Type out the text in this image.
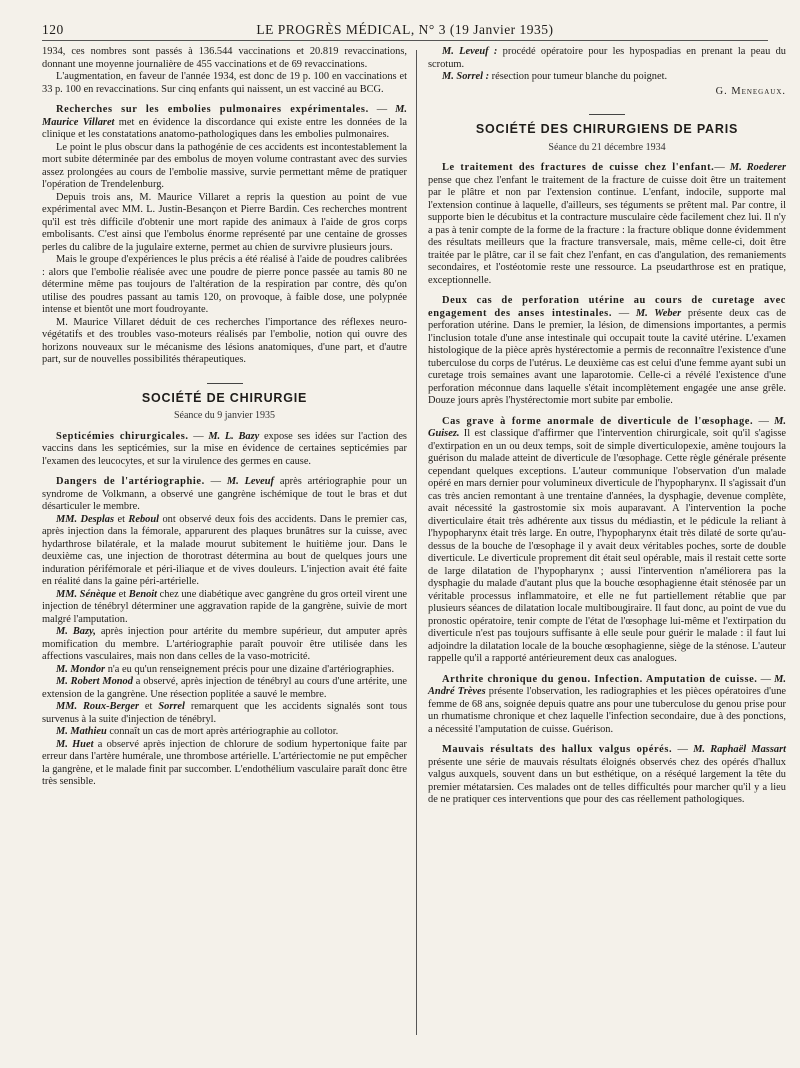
120	LE PROGRÈS MÉDICAL, N° 3 (19 Janvier 1935)

1934, ces nombres sont passés à 136.544 vaccinations et 20.819 revaccinations, donnant une moyenne journalière de 455 vaccinations et de 69 revaccinations.

L'augmentation, en faveur de l'année 1934, est donc de 19 p. 100 en vaccinations et 33 p. 100 en revaccinations. Sur cinq enfants qui naissent, un est vacciné au BCG.

Recherches sur les embolies pulmonaires expérimentales. — M. Maurice Villaret met en évidence la discordance qui existe entre les données de la clinique et les constatations anatomo-pathologiques dans les embolies pulmonaires.

Le point le plus obscur dans la pathogénie de ces accidents est incontestablement la mort subite déterminée par des embolus de moyen volume contrastant avec des survies assez prolongées au cours de l'embolie massive, survie permettant même de pratiquer l'opération de Trendelenburg.

Depuis trois ans, M. Maurice Villaret a repris la question au point de vue expérimental avec MM. L. Justin-Besançon et Pierre Bardin. Ces recherches montrent qu'il est très difficile d'obtenir une mort rapide des animaux à l'aide de gros corps embolisants. C'est ainsi que l'embolus énorme représenté par une centaine de grosses perles du calibre de la jugulaire externe, permet au chien de survivre plusieurs jours.

Mais le groupe d'expériences le plus précis a été réalisé à l'aide de poudres calibrées : alors que l'embolie réalisée avec une poudre de pierre ponce passée au tamis 80 ne détermine même pas toujours de l'altération de la respiration par contre, dès qu'on utilise des poudres passant au tamis 120, on provoque, à faible dose, une polypnée intense et bientôt une mort foudroyante.

M. Maurice Villaret déduit de ces recherches l'importance des réflexes neuro-végétatifs et des troubles vaso-moteurs réalisés par l'embolie, notion qui ouvre des horizons nouveaux sur le mécanisme des lésions anatomiques, d'une part, et d'autre part, sur de nouvelles possibilités thérapeutiques.

SOCIÉTÉ DE CHIRURGIE
Séance du 9 janvier 1935

Septicémies chirurgicales. — M. L. Bazy expose ses idées sur l'action des vaccins dans les septicémies, sur la mise en évidence de certaines septicémies par l'examen des leucocytes, et sur la virulence des germes en cause.

Dangers de l'artériographie. — M. Leveuf après artériographie pour un syndrome de Volkmann, a observé une gangrène ischémique de tout le bras et dut désarticuler le membre.

MM. Desplas et Reboul ont observé deux fois des accidents. Dans le premier cas, après injection dans la fémorale, apparurent des plaques brunâtres sur la cuisse, avec hydarthrose bilatérale, et la malade mourut subitement le huitième jour. Dans le deuxième cas, une injection de thorotrast détermina au bout de quelques jours une induration périfémorale et péri-iliaque et de vives douleurs. L'injection avait été faite en réalité dans la gaine péri-artérielle.

MM. Sénèque et Benoit chez une diabétique avec gangrène du gros orteil virent une injection de ténébryl déterminer une aggravation rapide de la gangrène, suivie de mort malgré l'amputation.

M. Bazy, après injection pour artérite du membre supérieur, dut amputer après momification du membre. L'artériographie paraît pouvoir être utilisée dans les affections vasculaires, mais non dans celles de la vaso-motricité.

M. Mondor n'a eu qu'un renseignement précis pour une dizaine d'artériographies.

M. Robert Monod a observé, après injection de ténébryl au cours d'une artérite, une extension de la gangrène. Une résection poplitée a sauvé le membre.

MM. Roux-Berger et Sorrel remarquent que les accidents signalés sont tous survenus à la suite d'injection de ténébryl.

M. Mathieu connaît un cas de mort après artériographie au collotor.

M. Huet a observé après injection de chlorure de sodium hypertonique faite par erreur dans l'artère humérale, une thrombose artérielle. L'artériectomie ne put empêcher la gangrène, et le malade finit par succomber. L'endothélium vasculaire paraît donc être très sensible.

M. Leveuf : procédé opératoire pour les hypospadias en prenant la peau du scrotum.

M. Sorrel : résection pour tumeur blanche du poignet.

G. Menegaux.
SOCIÉTÉ DES CHIRURGIENS DE PARIS
Séance du 21 décembre 1934

Le traitement des fractures de cuisse chez l'enfant.— M. Roederer pense que chez l'enfant le traitement de la fracture de cuisse doit être un traitement par le plâtre et non par l'extension continue. L'enfant, indocile, supporte mal l'extension continue à laquelle, d'ailleurs, ses téguments se prêtent mal. Par contre, il supporte bien le décubitus et la contracture musculaire cède facilement chez lui. Il n'y a pas à tenir compte de la forme de la fracture : la fracture oblique donne évidemment des résultats meilleurs que la fracture transversale, mais, même celle-ci, doit être traitée par le plâtre, car il se fait chez l'enfant, en cas d'angulation, des remaniements secondaires, et l'ostéotomie reste une ressource. La pseudarthrose est en pratique, exceptionnelle.

Deux cas de perforation utérine au cours de curetage avec engagement des anses intestinales. — M. Weber présente deux cas de perforation utérine. Dans le premier, la lésion, de dimensions importantes, a permis l'inclusion totale d'une anse intestinale qui occupait toute la cavité utérine. L'examen histologique de la pièce après hystérectomie a permis de reconnaître l'existence d'une tuberculose du corps de l'utérus. Le deuxième cas est celui d'une femme ayant subi un curetage trois semaines avant une laparotomie. Celle-ci a révélé l'existence d'une perforation méconnue dans laquelle s'était incomplètement engagée une anse grêle. Douze jours après l'hystérectomie mort subite par embolie.

Cas grave à forme anormale de diverticule de l'œsophage. — M. Guisez. Il est classique d'affirmer que l'intervention chirurgicale, soit qu'il s'agisse d'extirpation en un ou deux temps, soit de simple diverticulopexie, amène toujours la guérison du malade atteint de diverticule de l'œsophage. Cette règle générale présente cependant quelques exceptions. L'auteur communique l'observation d'un malade opéré en mars dernier pour volumineux diverticule de l'hypopharynx. Il s'agissait d'un cas très ancien remontant à une trentaine d'années, la dysphagie, devenue complète, avait nécessité la gastrostomie six mois auparavant. A l'intervention la poche diverticulaire était très adhérente aux tissus du médiastin, et le pédicule la reliant à l'hypopharynx était très large. En outre, l'hypopharynx était très dilaté de sorte qu'au-dessus de la bouche de l'œsophage il y avait deux véritables poches, sorte de double diverticule. Le diverticule proprement dit était seul opérable, mais il restait cette sorte de large dilatation de l'hypopharynx ; aussi l'intervention n'améliorera pas la dysphagie du malade d'autant plus que la bouche œsophagienne était sténosée par un véritable processus inflammatoire, et elle ne fut partiellement rétablie que par plusieurs séances de dilatation locale multibougiraire. Il faut donc, au point de vue du pronostic opératoire, tenir compte de l'état de l'œsophage lui-même et l'extirpation du diverticule n'est pas toujours suffisante à elle seule pour guérir le malade : il faut lui adjoindre la dilatation locale de la bouche œsophagienne, siège de la sténose. L'auteur rappelle qu'il a rapporté antérieurement deux cas analogues.

Arthrite chronique du genou. Infection. Amputation de cuisse. — M. André Trèves présente l'observation, les radiographies et les pièces opératoires d'une femme de 68 ans, soignée depuis quatre ans pour une tuberculose du genou prise pour un rhumatisme chronique et chez laquelle l'infection secondaire, due à des ponctions, a nécessité l'amputation de cuisse. Guérison.

Mauvais résultats des hallux valgus opérés. — M. Raphaël Massart présente une série de mauvais résultats éloignés observés chez des opérés d'hallux valgus auxquels, souvent dans un but esthétique, on a réséqué largement la tête du premier métatarsien. Ces malades ont de telles difficultés pour marcher qu'il y a lieu de ne pratiquer ces interventions que pour des cas réellement pathologiques.
